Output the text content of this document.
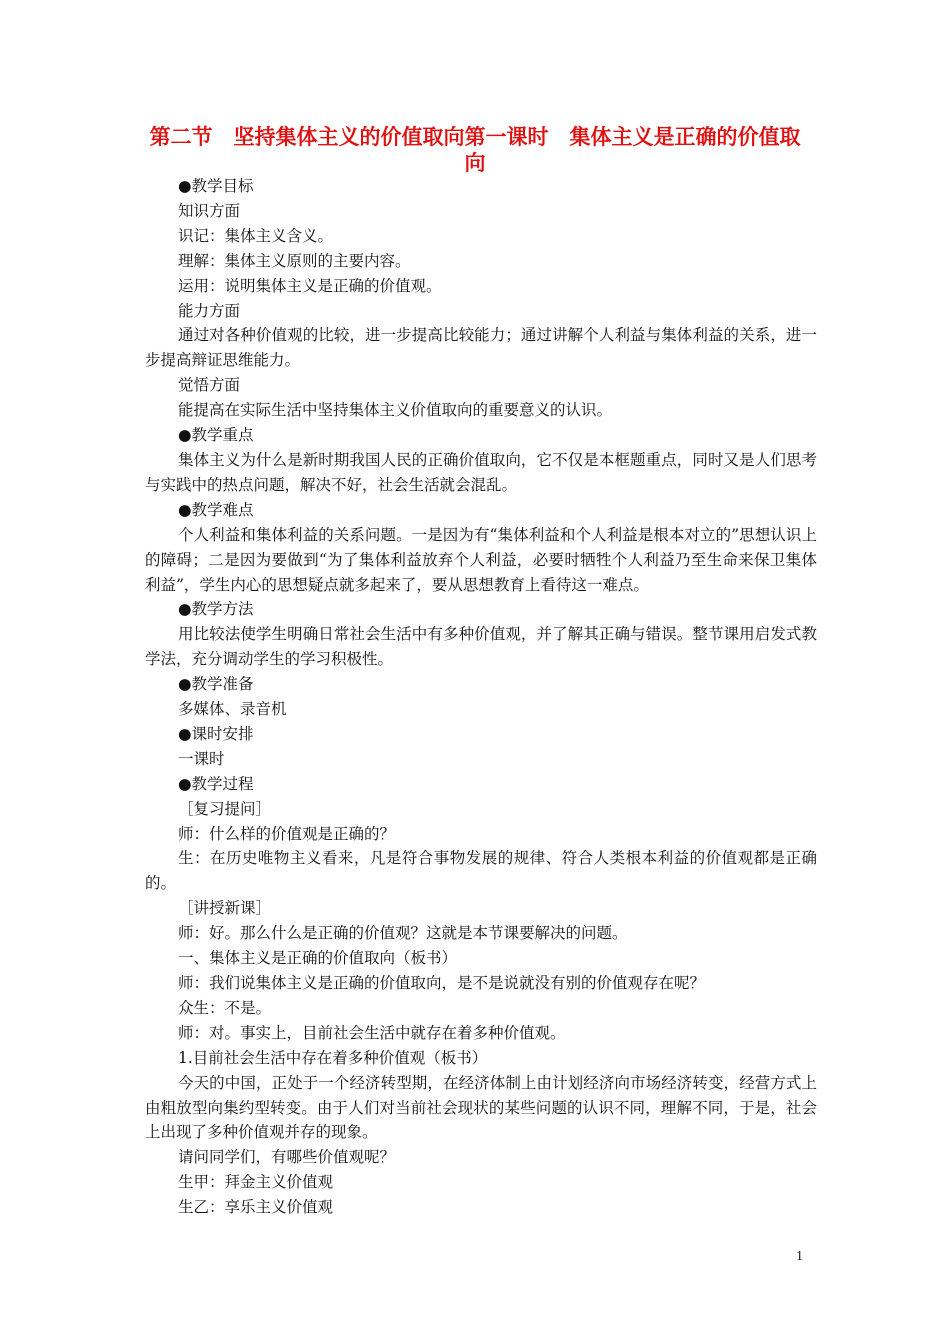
第二节　坚持集体主义的价值取向第一课时　集体主义是正确的价值取向

●教学目标

知识方面

识记：集体主义含义。

理解：集体主义原则的主要内容。

运用：说明集体主义是正确的价值观。

能力方面

通过对各种价值观的比较，进一步提高比较能力；通过讲解个人利益与集体利益的关系，进一步提高辩证思维能力。

觉悟方面

能提高在实际生活中坚持集体主义价值取向的重要意义的认识。

●教学重点

集体主义为什么是新时期我国人民的正确价值取向，它不仅是本框题重点，同时又是人们思考与实践中的热点问题，解决不好，社会生活就会混乱。

●教学难点

个人利益和集体利益的关系问题。一是因为有“集体利益和个人利益是根本对立的”思想认识上的障碍；二是因为要做到“为了集体利益放弃个人利益，必要时牺牲个人利益乃至生命来保卫集体利益”，学生内心的思想疑点就多起来了，要从思想教育上看待这一难点。

●教学方法

用比较法使学生明确日常社会生活中有多种价值观，并了解其正确与错误。整节课用启发式教学法，充分调动学生的学习积极性。

●教学准备

多媒体、录音机

●课时安排

一课时

●教学过程

［复习提问］

师：什么样的价值观是正确的？

生：在历史唯物主义看来，凡是符合事物发展的规律、符合人类根本利益的价值观都是正确的。

［讲授新课］

师：好。那么什么是正确的价值观？这就是本节课要解决的问题。

一、集体主义是正确的价值取向（板书）

师：我们说集体主义是正确的价值取向，是不是说就没有别的价值观存在呢？

众生：不是。

师：对。事实上，目前社会生活中就存在着多种价值观。

1.目前社会生活中存在着多种价值观（板书）

今天的中国，正处于一个经济转型期，在经济体制上由计划经济向市场经济转变，经营方式上由粗放型向集约型转变。由于人们对当前社会现状的某些问题的认识不同，理解不同，于是，社会上出现了多种价值观并存的现象。

请问同学们，有哪些价值观呢？

生甲：拜金主义价值观

生乙：享乐主义价值观

1
